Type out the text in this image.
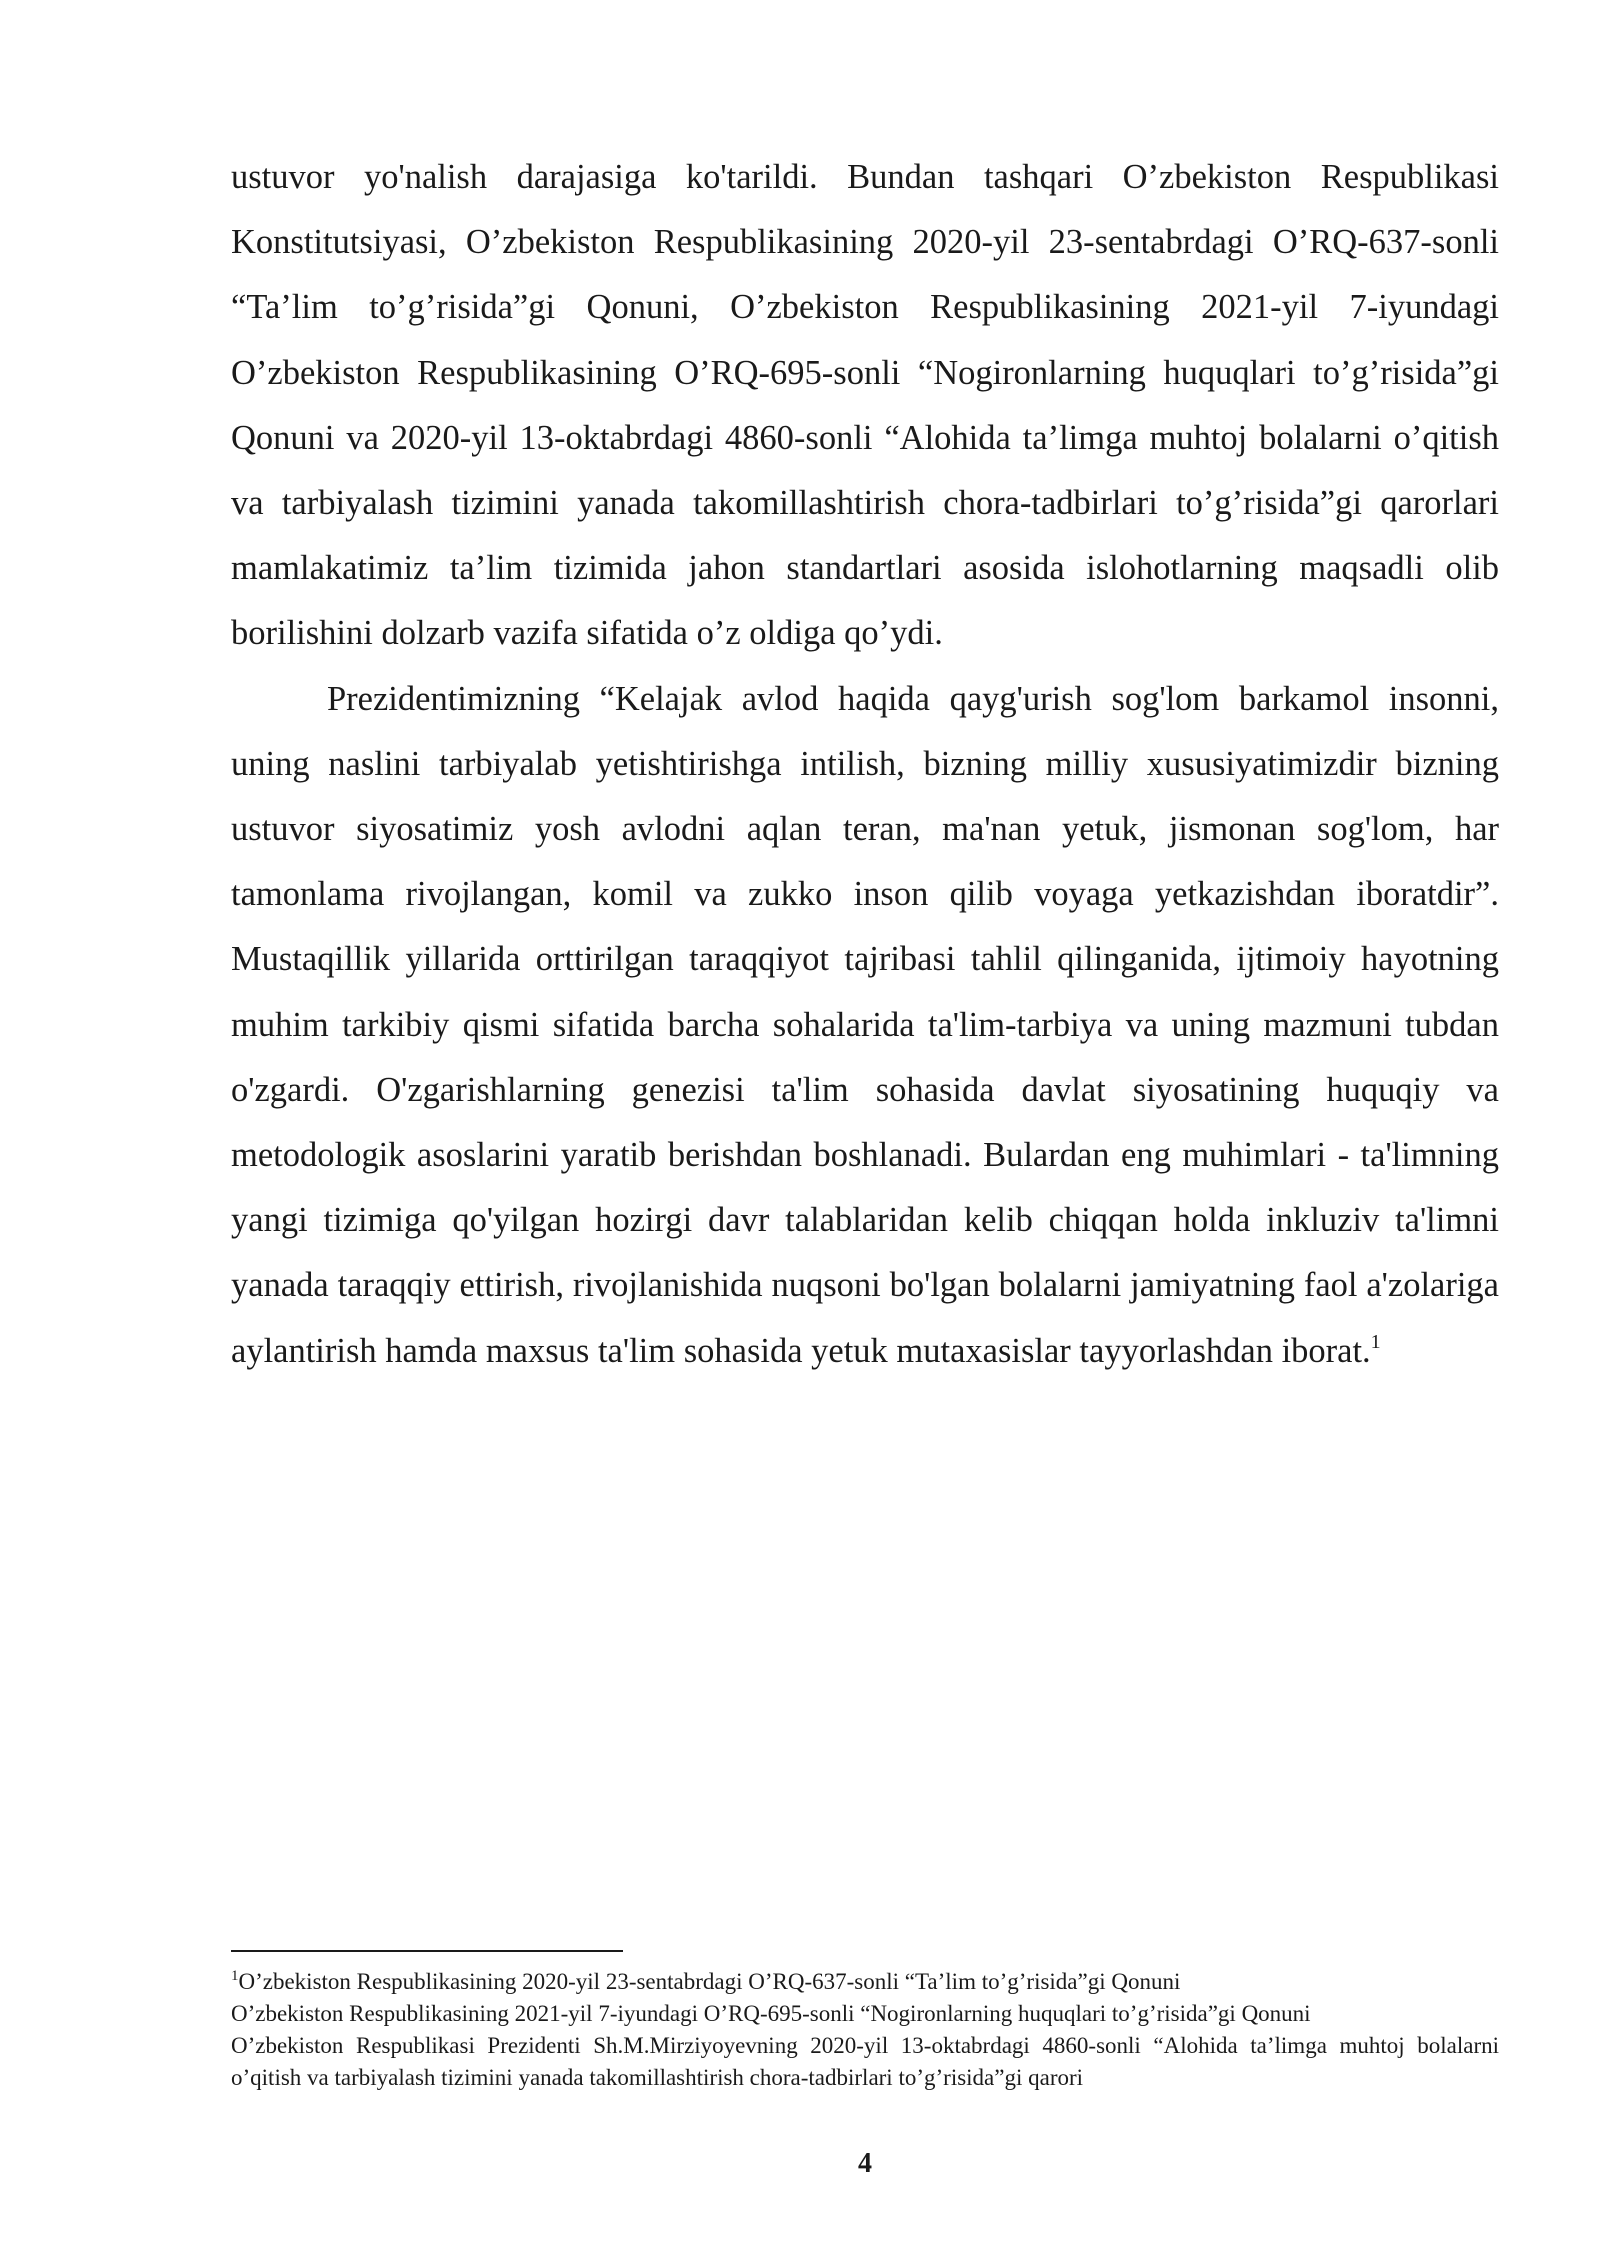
ustuvor yo'nalish darajasiga ko'tarildi. Bundan tashqari O’zbekiston Respublikasi Konstitutsiyasi, O’zbekiston Respublikasining 2020-yil 23-sentabrdagi O’RQ-637-sonli “Ta’lim to’g’risida”gi Qonuni, O’zbekiston Respublikasining 2021-yil 7-iyundagi O’zbekiston Respublikasining O’RQ-695-sonli “Nogironlarning huquqlari to’g’risida”gi Qonuni va 2020-yil 13-oktabrdagi 4860-sonli “Alohida ta’limga muhtoj bolalarni o’qitish va tarbiyalash tizimini yanada takomillashtirish chora-tadbirlari to’g’risida”gi qarorlari mamlakatimiz ta’lim tizimida jahon standartlari asosida islohotlarning maqsadli olib borilishini dolzarb vazifa sifatida o’z oldiga qo’ydi.

Prezidentimizning “Kelajak avlod haqida qayg'urish sog'lom barkamol insonni, uning naslini tarbiyalab yetishtirishga intilish, bizning milliy xususiyatimizdir bizning ustuvor siyosatimiz yosh avlodni aqlan teran, ma'nan yetuk, jismonan sog'lom, har tamonlama rivojlangan, komil va zukko inson qilib voyaga yetkazishdan iboratdir”. Mustaqillik yillarida orttirilgan taraqqiyot tajribasi tahlil qilinganida, ijtimoiy hayotning muhim tarkibiy qismi sifatida barcha sohalarida ta'lim-tarbiya va uning mazmuni tubdan o'zgardi. O'zgarishlarning genezisi ta'lim sohasida davlat siyosatining huquqiy va metodologik asoslarini yaratib berishdan boshlanadi. Bulardan eng muhimlari - ta'limning yangi tizimiga qo'yilgan hozirgi davr talablaridan kelib chiqqan holda inkluziv ta'limni yanada taraqqiy ettirish, rivojlanishida nuqsoni bo'lgan bolalarni jamiyatning faol a'zolariga aylantirish hamda maxsus ta'lim sohasida yetuk mutaxasislar tayyorlashdan iborat.$^1$

$^1$O’zbekiston Respublikasining 2020-yil 23-sentabrdagi O’RQ-637-sonli “Ta’lim to’g’risida”gi Qonuni

O’zbekiston Respublikasining 2021-yil 7-iyundagi O’RQ-695-sonli “Nogironlarning huquqlari to’g’risida”gi Qonuni

O’zbekiston Respublikasi Prezidenti Sh.M.Mirziyoyevning 2020-yil 13-oktabrdagi 4860-sonli “Alohida ta’limga muhtoj bolalarni o’qitish va tarbiyalash tizimini yanada takomillashtirish chora-tadbirlari to’g’risida”gi qarori

4
